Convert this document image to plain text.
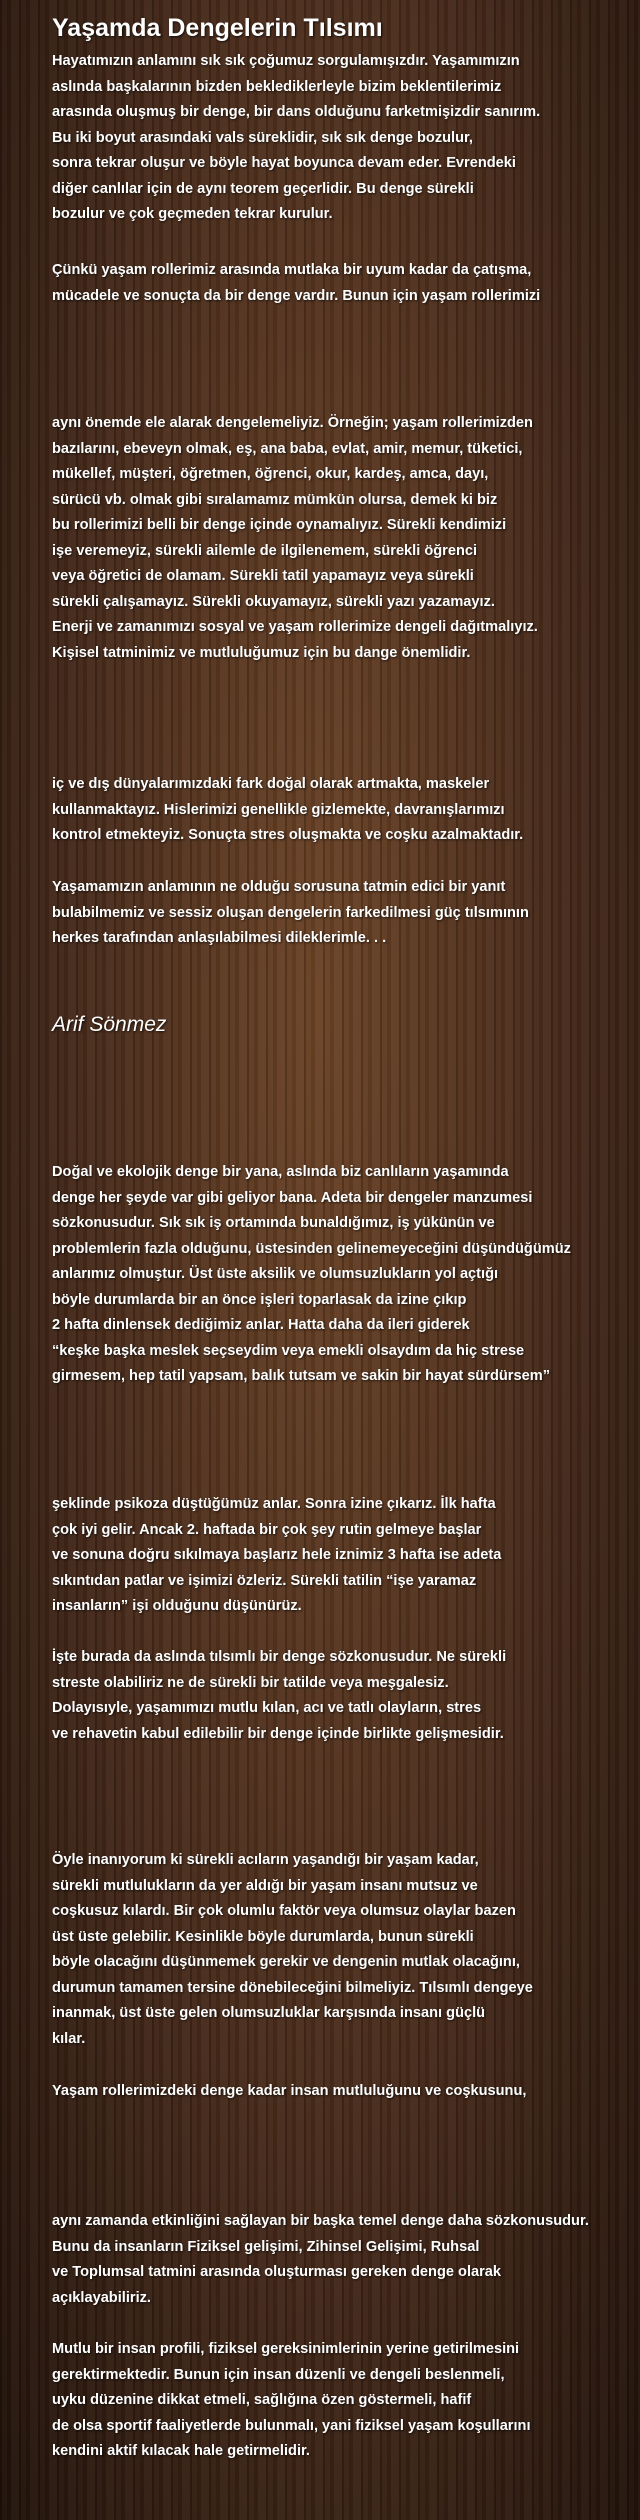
Yaşamda Dengelerin Tılsımı

Hayatımızın anlamını sık sık çoğumuz sorgulamışızdır. Yaşamımızın
aslında başkalarının bizden beklediklerleyle bizim beklentilerimiz
arasında oluşmuş bir denge, bir dans olduğunu farketmişizdir sanırım.
Bu iki boyut arasındaki vals süreklidir, sık sık denge bozulur,
sonra tekrar oluşur ve böyle hayat boyunca devam eder. Evrendeki
diğer canlılar için de aynı teorem geçerlidir. Bu denge sürekli
bozulur ve çok geçmeden tekrar kurulur.

Çünkü yaşam rollerimiz arasında mutlaka bir uyum kadar da çatışma,
mücadele ve sonuçta da bir denge vardır. Bunun için yaşam rollerimizi

aynı önemde ele alarak dengelemeliyiz. Örneğin; yaşam rollerimizden
bazılarını, ebeveyn olmak, eş, ana baba, evlat, amir, memur, tüketici,
mükellef, müşteri, öğretmen, öğrenci, okur, kardeş, amca, dayı,
sürücü vb. olmak gibi sıralamamız mümkün olursa, demek ki biz
bu rollerimizi belli bir denge içinde oynamalıyız. Sürekli kendimizi
işe veremeyiz, sürekli ailemle de ilgilenemem, sürekli öğrenci
veya öğretici de olamam. Sürekli tatil yapamayız veya sürekli
sürekli çalışamayız. Sürekli okuyamayız, sürekli yazı yazamayız.
Enerji ve zamanımızı sosyal ve yaşam rollerimize dengeli dağıtmalıyız.
Kişisel tatminimiz ve mutluluğumuz için bu dange önemlidir.

iç ve dış dünyalarımızdaki fark doğal olarak artmakta, maskeler
kullanmaktayız. Hislerimizi genellikle gizlemekte, davranışlarımızı
kontrol etmekteyiz. Sonuçta stres oluşmakta ve coşku azalmaktadır.

Yaşamamızın anlamının ne olduğu sorusuna tatmin edici bir yanıt
bulabilmemiz ve sessiz oluşan dengelerin farkedilmesi güç tılsımının
herkes tarafından anlaşılabilmesi dileklerimle. . .

Arif Sönmez

Doğal ve ekolojik denge bir yana, aslında biz canlıların yaşamında
denge her şeyde var gibi geliyor bana. Adeta bir dengeler manzumesi
sözkonusudur. Sık sık iş ortamında bunaldığımız, iş yükünün ve
problemlerin fazla olduğunu, üstesinden gelinemeyeceğini düşündüğümüz
anlarımız olmuştur. Üst üste aksilik ve olumsuzlukların yol açtığı
böyle durumlarda bir an önce işleri toparlasak da izine çıkıp
2 hafta dinlensek dediğimiz anlar. Hatta daha da ileri giderek
“keşke başka meslek seçseydim veya emekli olsaydım da hiç strese
girmesem, hep tatil yapsam, balık tutsam ve sakin bir hayat sürdürsem”

şeklinde psikoza düştüğümüz anlar. Sonra izine çıkarız. İlk hafta
çok iyi gelir. Ancak 2. haftada bir çok şey rutin gelmeye başlar
ve sonuna doğru sıkılmaya başlarız hele iznimiz 3 hafta ise adeta
sıkıntıdan patlar ve işimizi özleriz. Sürekli tatilin “işe yaramaz
insanların” işi olduğunu düşünürüz.

İşte burada da aslında tılsımlı bir denge sözkonusudur. Ne sürekli
streste olabiliriz ne de sürekli bir tatilde veya meşgalesiz.
Dolayısıyle, yaşamımızı mutlu kılan, acı ve tatlı olayların, stres
ve rehavetin kabul edilebilir bir denge içinde birlikte gelişmesidir.

Öyle inanıyorum ki sürekli acıların yaşandığı bir yaşam kadar,
sürekli mutlulukların da yer aldığı bir yaşam insanı mutsuz ve
coşkusuz kılardı. Bir çok olumlu faktör veya olumsuz olaylar bazen
üst üste gelebilir. Kesinlikle böyle durumlarda, bunun sürekli
böyle olacağını düşünmemek gerekir ve dengenin mutlak olacağını,
durumun tamamen tersine dönebileceğini bilmeliyiz. Tılsımlı dengeye
inanmak, üst üste gelen olumsuzluklar karşısında insanı güçlü
kılar.

Yaşam rollerimizdeki denge kadar insan mutluluğunu ve coşkusunu,

aynı zamanda etkinliğini sağlayan bir başka temel denge daha sözkonusudur.
Bunu da insanların Fiziksel gelişimi, Zihinsel Gelişimi, Ruhsal
ve Toplumsal tatmini arasında oluşturması gereken denge olarak
açıklayabiliriz.

Mutlu bir insan profili, fiziksel gereksinimlerinin yerine getirilmesini
gerektirmektedir. Bunun için insan düzenli ve dengeli beslenmeli,
uyku düzenine dikkat etmeli, sağlığına özen göstermeli, hafif
de olsa sportif faaliyetlerde bulunmalı, yani fiziksel yaşam koşullarını
kendini aktif kılacak hale getirmelidir.
